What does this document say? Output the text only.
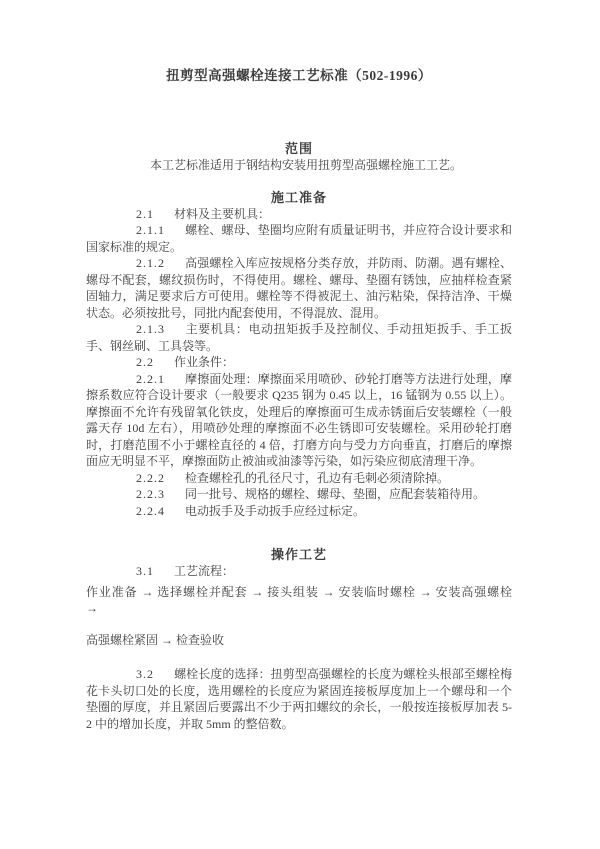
扭剪型高强螺栓连接工艺标准（502-1996）
范围

本工艺标准适用于钢结构安装用扭剪型高强螺栓施工工艺。

施工准备

2.1 材料及主要机具：

2.1.1 螺栓、螺母、垫圈均应附有质量证明书，并应符合设计要求和国家标准的规定。

2.1.2 高强螺栓入库应按规格分类存放，并防雨、防潮。遇有螺栓、螺母不配套，螺纹损伤时，不得使用。螺栓、螺母、垫圈有锈蚀，应抽样检查紧固轴力，满足要求后方可使用。螺栓等不得被泥土、油污粘染，保持洁净、干燥状态。必须按批号，同批内配套使用，不得混放、混用。

2.1.3 主要机具：电动扭矩扳手及控制仪、手动扭矩扳手、手工扳手、钢丝刷、工具袋等。

2.2 作业条件：

2.2.1 摩擦面处理：摩擦面采用喷砂、砂轮打磨等方法进行处理，摩擦系数应符合设计要求（一般要求 Q235 钢为 0.45 以上，16 锰钢为 0.55 以上）。摩擦面不允许有残留氧化铁皮，处理后的摩擦面可生成赤锈面后安装螺栓（一般露天存 10d 左右），用喷砂处理的摩擦面不必生锈即可安装螺栓。采用砂轮打磨时，打磨范围不小于螺栓直径的 4 倍，打磨方向与受力方向垂直，打磨后的摩擦面应无明显不平，摩擦面防止被油或油漆等污染，如污染应彻底清理干净。

2.2.2 检查螺栓孔的孔径尺寸，孔边有毛刺必须清除掉。

2.2.3 同一批号、规格的螺栓、螺母、垫圈，应配套装箱待用。

2.2.4 电动扳手及手动扳手应经过标定。

操作工艺

3.1 工艺流程：

作业准备 → 选择螺栓并配套 → 接头组装 → 安装临时螺栓 → 安装高强螺栓
→
高强螺栓紧固 → 检查验收

3.2 螺栓长度的选择：扭剪型高强螺栓的长度为螺栓头根部至螺栓梅花卡头切口处的长度，选用螺栓的长度应为紧固连接板厚度加上一个螺母和一个垫圈的厚度，并且紧固后要露出不少于两扣螺纹的余长，一般按连接板厚加表 5-2 中的增加长度，并取 5mm 的整倍数。
